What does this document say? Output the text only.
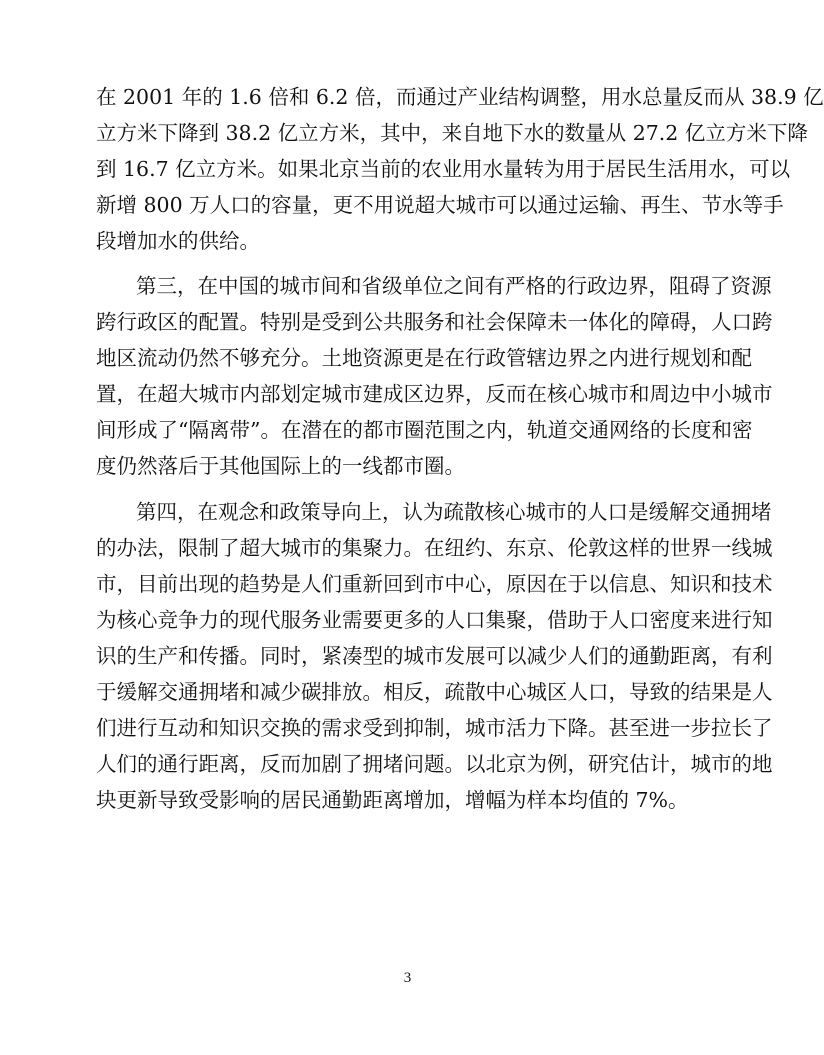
在 2001 年的 1.6 倍和 6.2 倍，而通过产业结构调整，用水总量反而从 38.9 亿
立方米下降到 38.2 亿立方米，其中，来自地下水的数量从 27.2 亿立方米下降
到 16.7 亿立方米。如果北京当前的农业用水量转为用于居民生活用水，可以
新增 800 万人口的容量，更不用说超大城市可以通过运输、再生、节水等手
段增加水的供给。
第三，在中国的城市间和省级单位之间有严格的行政边界，阻碍了资源
跨行政区的配置。特别是受到公共服务和社会保障未一体化的障碍，人口跨
地区流动仍然不够充分。土地资源更是在行政管辖边界之内进行规划和配
置，在超大城市内部划定城市建成区边界，反而在核心城市和周边中小城市
间形成了“隔离带”。在潜在的都市圈范围之内，轨道交通网络的长度和密
度仍然落后于其他国际上的一线都市圈。
第四，在观念和政策导向上，认为疏散核心城市的人口是缓解交通拥堵
的办法，限制了超大城市的集聚力。在纽约、东京、伦敦这样的世界一线城
市，目前出现的趋势是人们重新回到市中心，原因在于以信息、知识和技术
为核心竞争力的现代服务业需要更多的人口集聚，借助于人口密度来进行知
识的生产和传播。同时，紧凑型的城市发展可以减少人们的通勤距离，有利
于缓解交通拥堵和减少碳排放。相反，疏散中心城区人口，导致的结果是人
们进行互动和知识交换的需求受到抑制，城市活力下降。甚至进一步拉长了
人们的通行距离，反而加剧了拥堵问题。以北京为例，研究估计，城市的地
块更新导致受影响的居民通勤距离增加，增幅为样本均值的 7%。
3
